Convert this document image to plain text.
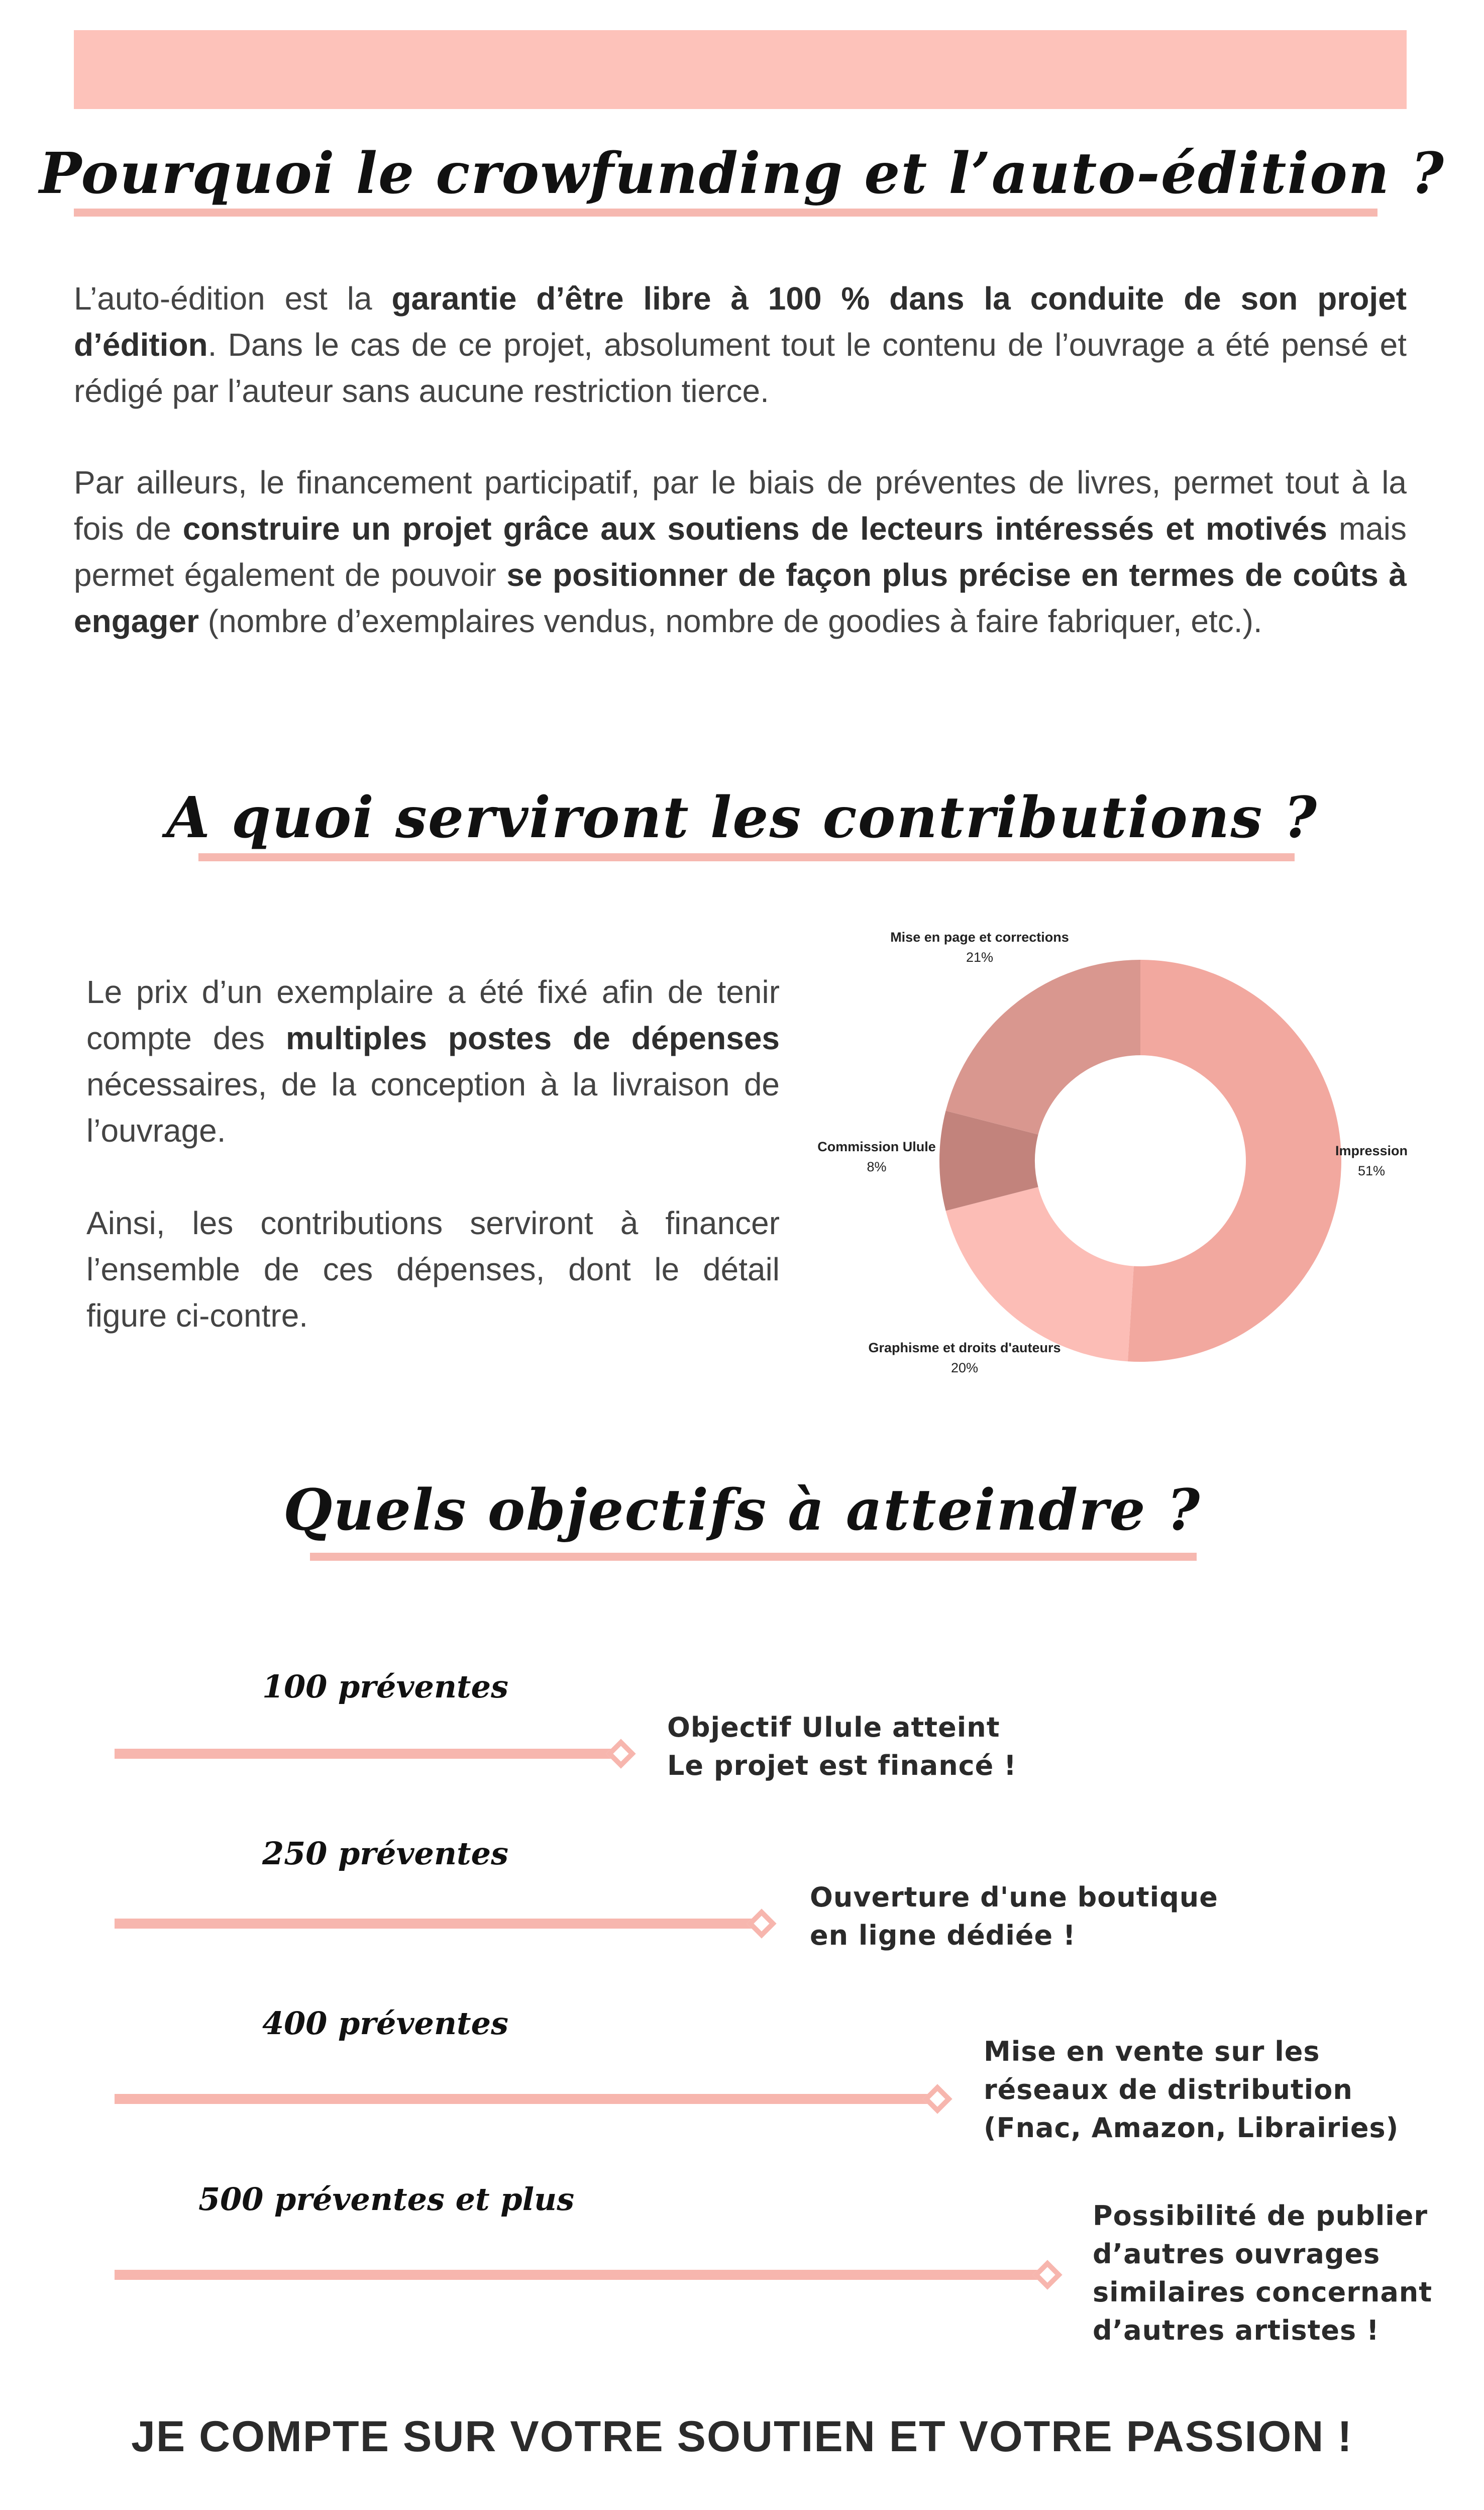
Pourquoi le crowfunding et l’auto-édition ?
L’auto-édition est la garantie d’être libre à 100 % dans la conduite de son projet d’édition. Dans le cas de ce projet, absolument tout le contenu de l’ouvrage a été pensé et rédigé par l’auteur sans aucune restriction tierce.
Par ailleurs, le financement participatif, par le biais de préventes de livres, permet tout à la fois de construire un projet grâce aux soutiens de lecteurs intéressés et motivés mais permet également de pouvoir se positionner de façon plus précise en termes de coûts à engager (nombre d’exemplaires vendus, nombre de goodies à faire fabriquer, etc.).
A quoi serviront les contributions ?
Le prix d’un exemplaire a été fixé afin de tenir compte des multiples postes de dépenses nécessaires, de la conception à la livraison de l’ouvrage.
Ainsi, les contributions serviront à financer l’ensemble de ces dépenses, dont le détail figure ci-contre.
Mise en page et corrections
21%
Commission Ulule
8%
Impression
51%
Graphisme et droits d'auteurs
20%
Quels objectifs à atteindre ?
100 préventes
Objectif Ulule atteint
Le projet est financé !
250 préventes
Ouverture d'une boutique
en ligne dédiée !
400 préventes
Mise en vente sur les
réseaux de distribution
(Fnac, Amazon, Librairies)
500 préventes et plus	Possibilité de publier
d’autres ouvrages
similaires concernant
d’autres artistes !
JE COMPTE SUR VOTRE SOUTIEN ET VOTRE PASSION !
